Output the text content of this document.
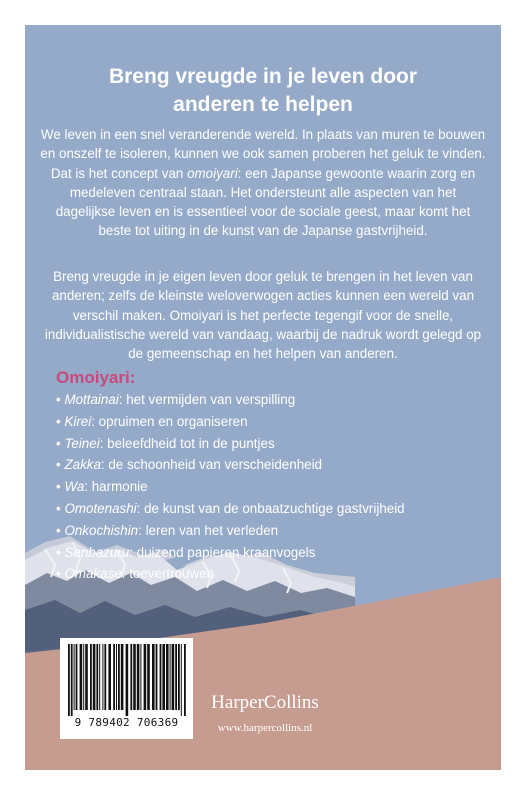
Breng vreugde in je leven door
anderen te helpen
We leven in een snel veranderende wereld. In plaats van muren te bouwen en onszelf te isoleren, kunnen we ook samen proberen het geluk te vinden. Dat is het concept van omoiyari: een Japanse gewoonte waarin zorg en medeleven centraal staan. Het ondersteunt alle aspecten van het dagelijkse leven en is essentieel voor de sociale geest, maar komt het beste tot uiting in de kunst van de Japanse gastvrijheid.
Breng vreugde in je eigen leven door geluk te brengen in het leven van anderen; zelfs de kleinste weloverwogen acties kunnen een wereld van verschil maken. Omoiyari is het perfecte tegengif voor de snelle, individualistische wereld van vandaag, waarbij de nadruk wordt gelegd op de gemeenschap en het helpen van anderen.
Omoiyari:
• Mottainai: het vermijden van verspilling
• Kirei: opruimen en organiseren
• Teinei: beleefdheid tot in de puntjes
• Zakka: de schoonheid van verscheidenheid
• Wa: harmonie
• Omotenashi: de kunst van de onbaatzuchtige gastvrijheid
• Onkochishin: leren van het verleden
• Senbazuru: duizend papieren kraanvogels
• Omakase: toevertrouwen
9 789402 706369
HarperCollins
www.harpercollins.nl
